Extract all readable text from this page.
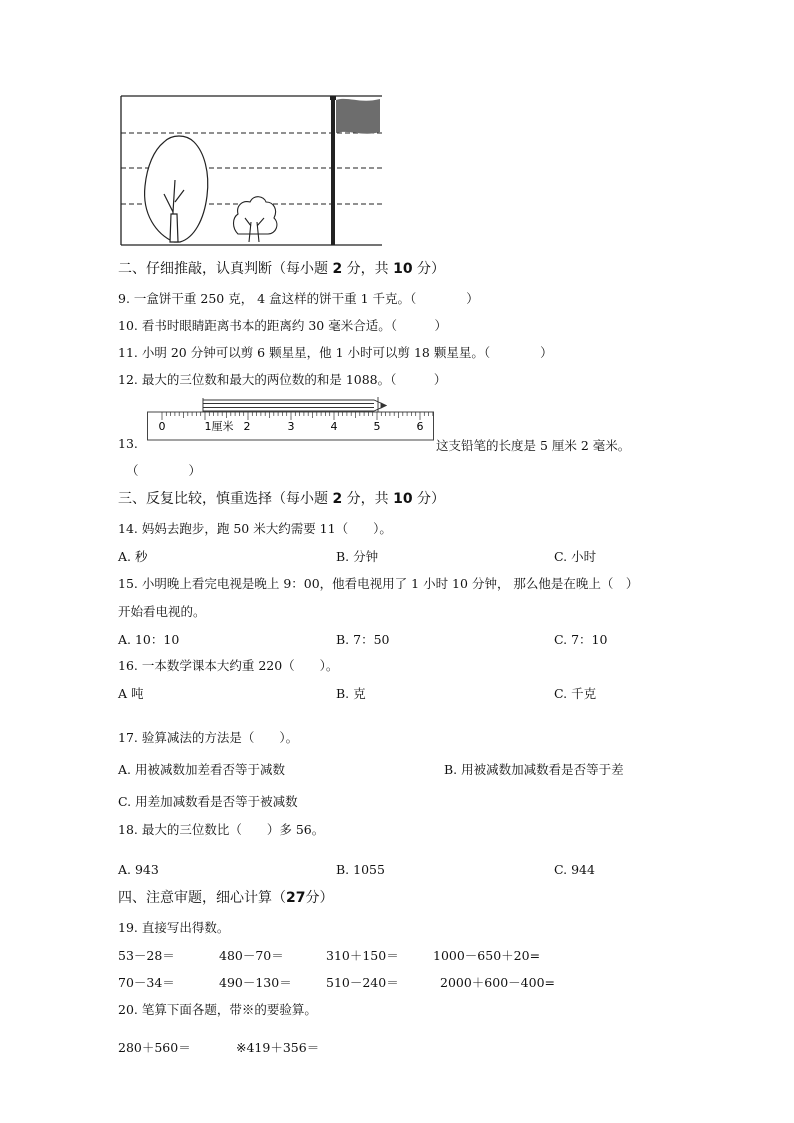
二、仔细推敲，认真判断（每小题 2 分，共 10 分）
9. 一盒饼干重 250 克， 4 盒这样的饼干重 1 千克。（　　　　）
10. 看书时眼睛距离书本的距离约 30 毫米合适。（　　　）
11. 小明 20 分钟可以剪 6 颗星星，他 1 小时可以剪 18 颗星星。（　　　　）
12. 最大的三位数和最大的两位数的和是 1088。（　　　）
13.
0	1厘米 2	3	4	5	6
这支铅笔的长度是 5 厘米 2 毫米。
（　　　　）
三、反复比较，慎重选择（每小题 2 分，共 10 分）
14. 妈妈去跑步，跑 50 米大约需要 11（　　）。
A. 秒	B. 分钟	C. 小时
15. 小明晚上看完电视是晚上 9：00，他看电视用了 1 小时 10 分钟， 那么他是在晚上（　）
开始看电视的。
A. 10：10	B. 7：50	C. 7：10
16. 一本数学课本大约重 220（　　）。
A 吨	B. 克	C. 千克
17. 验算减法的方法是（　　）。
A. 用被减数加差看否等于减数	B. 用被减数加减数看是否等于差
C. 用差加减数看是否等于被减数
18. 最大的三位数比（　　）多 56。
A. 943	B. 1055	C. 944
四、注意审题，细心计算（27分）
19. 直接写出得数。
53－28＝	480－70＝	310＋150＝	1000－650＋20=
70－34＝	490－130＝	510－240＝	2000＋600－400=
20. 笔算下面各题，带※的要验算。
280＋560＝	※419＋356＝
